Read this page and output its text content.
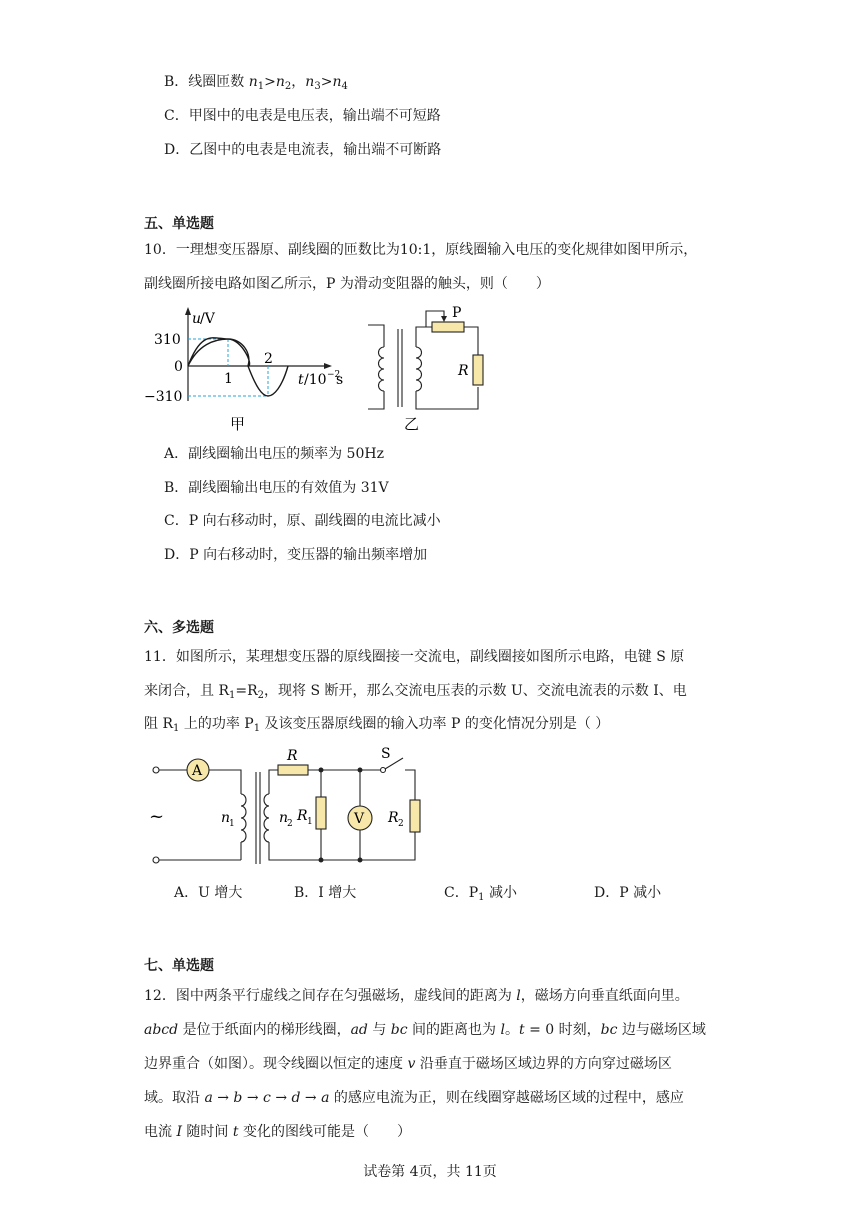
B．线圈匝数 $n_1>n_2$，$n_3>n_4$
C．甲图中的电表是电压表，输出端不可短路
D．乙图中的电表是电流表，输出端不可断路
五、单选题
10．一理想变压器原、副线圈的匝数比为10:1，原线圈输入电压的变化规律如图甲所示，
副线圈所接电路如图乙所示，P 为滑动变阻器的触头，则（　　）
u
/V
310
0
−310
1
2
t /10 −2
s
甲
P
R
乙
A．副线圈输出电压的频率为 50Hz
B．副线圈输出电压的有效值为 31V
C．P 向右移动时，原、副线圈的电流比减小
D．P 向右移动时，变压器的输出频率增加
六、多选题
11．如图所示，某理想变压器的原线圈接一交流电，副线圈接如图所示电路，电键 S 原
来闭合，且 $R_1=R_2$，现将 S 断开，那么交流电压表的示数 U、交流电流表的示数 I、电
阻 $R_1$ 上的功率 $P_1$ 及该变压器原线圈的输入功率 P 的变化情况分别是（ ）
~
A
n
1	n
2
R
R 1	V
S
R 2
A．U 增大	B．I 增大	C．$P_1$ 减小	D．P 减小
七、单选题
12．图中两条平行虚线之间存在匀强磁场，虚线间的距离为 l，磁场方向垂直纸面向里。
abcd 是位于纸面内的梯形线圈，ad 与 bc 间的距离也为 l。t = 0 时刻，bc 边与磁场区域
边界重合（如图）。现令线圈以恒定的速度 v 沿垂直于磁场区域边界的方向穿过磁场区
域。取沿 a → b → c → d → a 的感应电流为正，则在线圈穿越磁场区域的过程中，感应
电流 I 随时间 t 变化的图线可能是（　　）
试卷第 4页，共 11页
